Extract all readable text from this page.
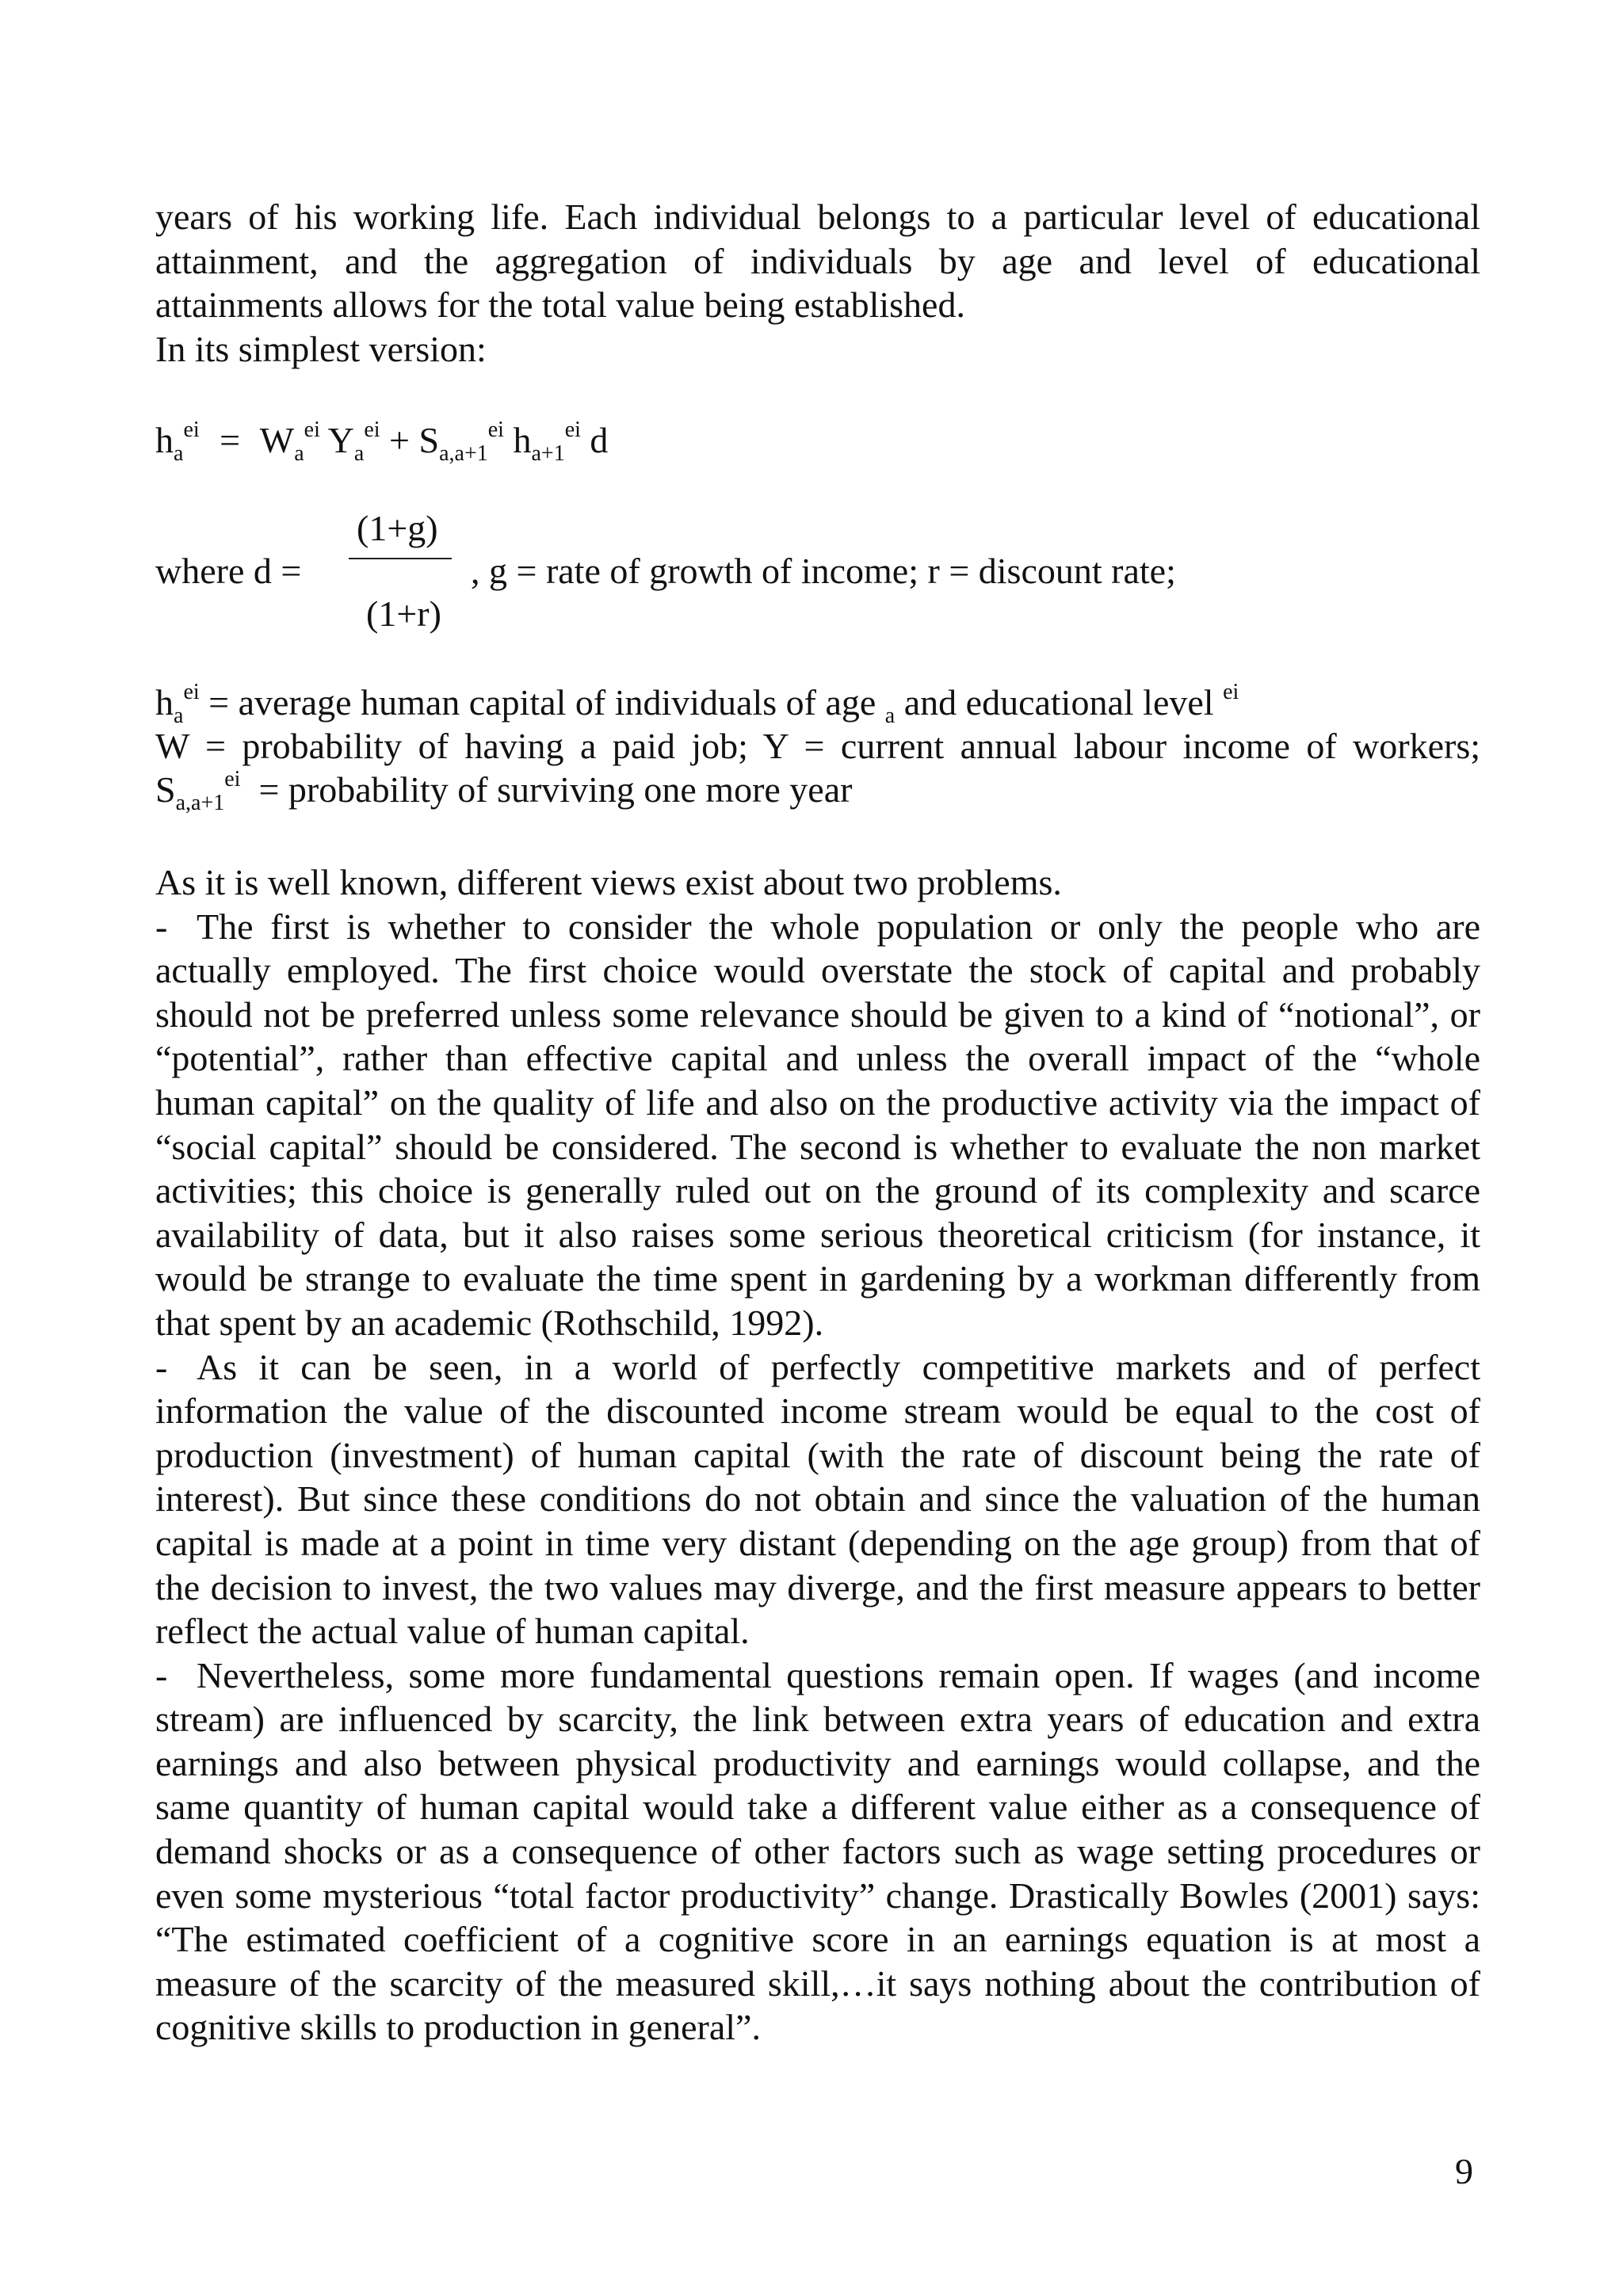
years of his working life. Each individual belongs to a particular level of educational
attainment, and the aggregation of individuals by age and level of educational
attainments allows for the total value being established.
In its simplest version:
$h_a^{ei} = W_a^{ei}$ $Y_a^{ei} + S_{a,a+1}^{ei}$ $h_{a+1}^{ei}$ d
(1+g)
(1+r)
where d =	, g = rate of growth of income; r = discount rate;
$h_a^{ei}$ = average human capital of individuals of age $_a$ and educational level $^{ei}$
W = probability of having a paid job; Y = current annual labour income of workers;
$S_{a,a+1}^{ei}$  = probability of surviving one more year
As it is well known, different views exist about two problems.
- The first is whether to consider the whole population or only the people who are actually employed. The first choice would overstate the stock of capital and probably should not be preferred unless some relevance should be given to a kind of “notional”, or “potential”, rather than effective capital and unless the overall impact of the “whole human capital” on the quality of life and also on the productive activity via the impact of “social capital” should be considered. The second is whether to evaluate the non market activities; this choice is generally ruled out on the ground of its complexity and scarce availability of data, but it also raises some serious theoretical criticism (for instance, it would be strange to evaluate the time spent in gardening by a workman differently from that spent by an academic (Rothschild, 1992).
- As it can be seen, in a world of perfectly competitive markets and of perfect information the value of the discounted income stream would be equal to the cost of production (investment) of human capital (with the rate of discount being the rate of interest). But since these conditions do not obtain and since the valuation of the human capital is made at a point in time very distant (depending on the age group) from that of the decision to invest, the two values may diverge, and the first measure appears to better reflect the actual value of human capital.
- Nevertheless, some more fundamental questions remain open. If wages (and income stream) are influenced by scarcity, the link between extra years of education and extra earnings and also between physical productivity and earnings would collapse, and the same quantity of human capital would take a different value either as a consequence of demand shocks or as a consequence of other factors such as wage setting procedures or even some mysterious “total factor productivity” change. Drastically Bowles (2001) says: “The estimated coefficient of a cognitive score in an earnings equation is at most a measure of the scarcity of the measured skill,…it says nothing about the contribution of cognitive skills to production in general”.
9
